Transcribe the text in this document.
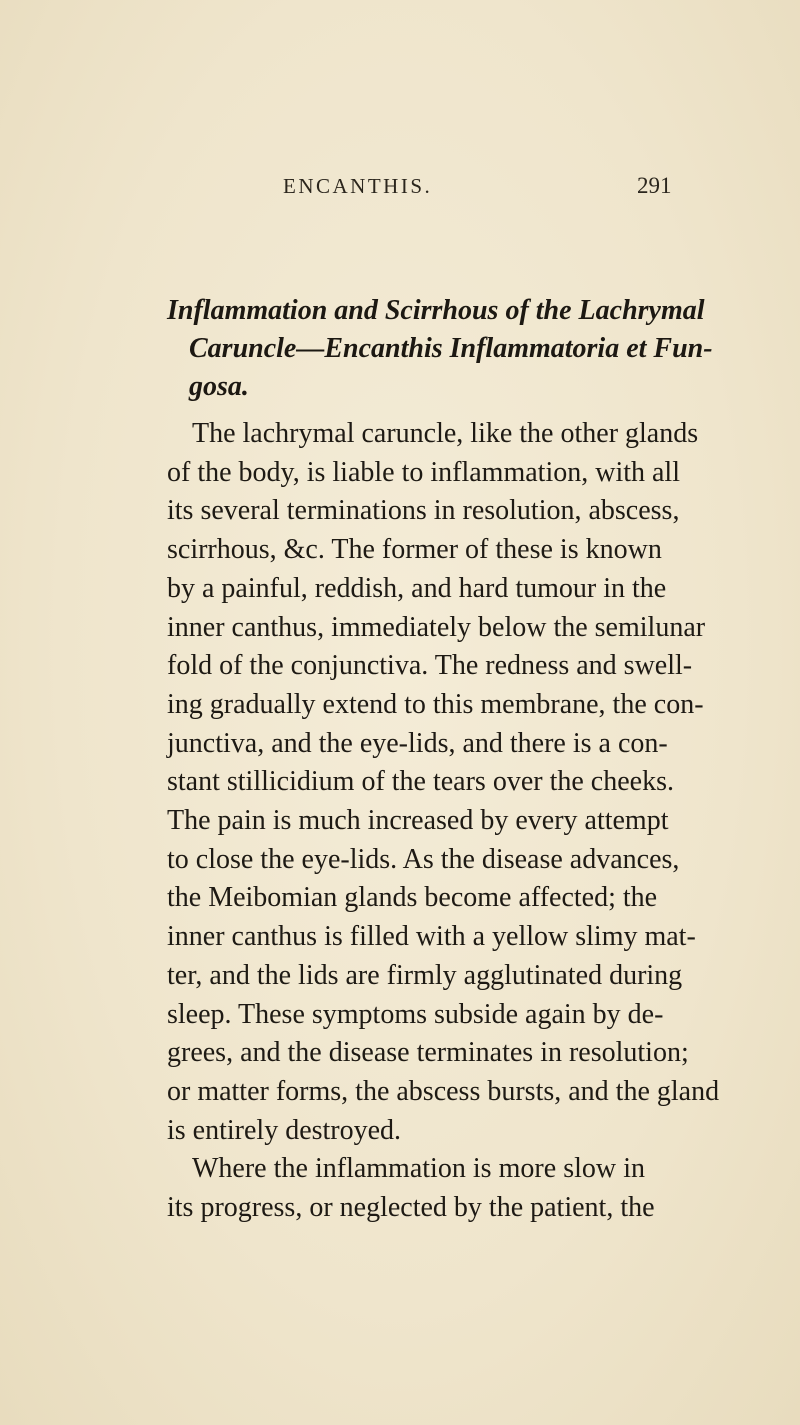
ENCANTHIS.	291
Inflammation and Scirrhous of the Lachrymal
Caruncle—Encanthis Inflammatoria et Fun-
gosa.
The lachrymal caruncle, like the other glands
of the body, is liable to inflammation, with all
its several terminations in resolution, abscess,
scirrhous, &c. The former of these is known
by a painful, reddish, and hard tumour in the
inner canthus, immediately below the semilunar
fold of the conjunctiva. The redness and swell-
ing gradually extend to this membrane, the con-
junctiva, and the eye-lids, and there is a con-
stant stillicidium of the tears over the cheeks.
The pain is much increased by every attempt
to close the eye-lids. As the disease advances,
the Meibomian glands become affected; the
inner canthus is filled with a yellow slimy mat-
ter, and the lids are firmly agglutinated during
sleep. These symptoms subside again by de-
grees, and the disease terminates in resolution;
or matter forms, the abscess bursts, and the gland
is entirely destroyed.
Where the inflammation is more slow in
its progress, or neglected by the patient, the
